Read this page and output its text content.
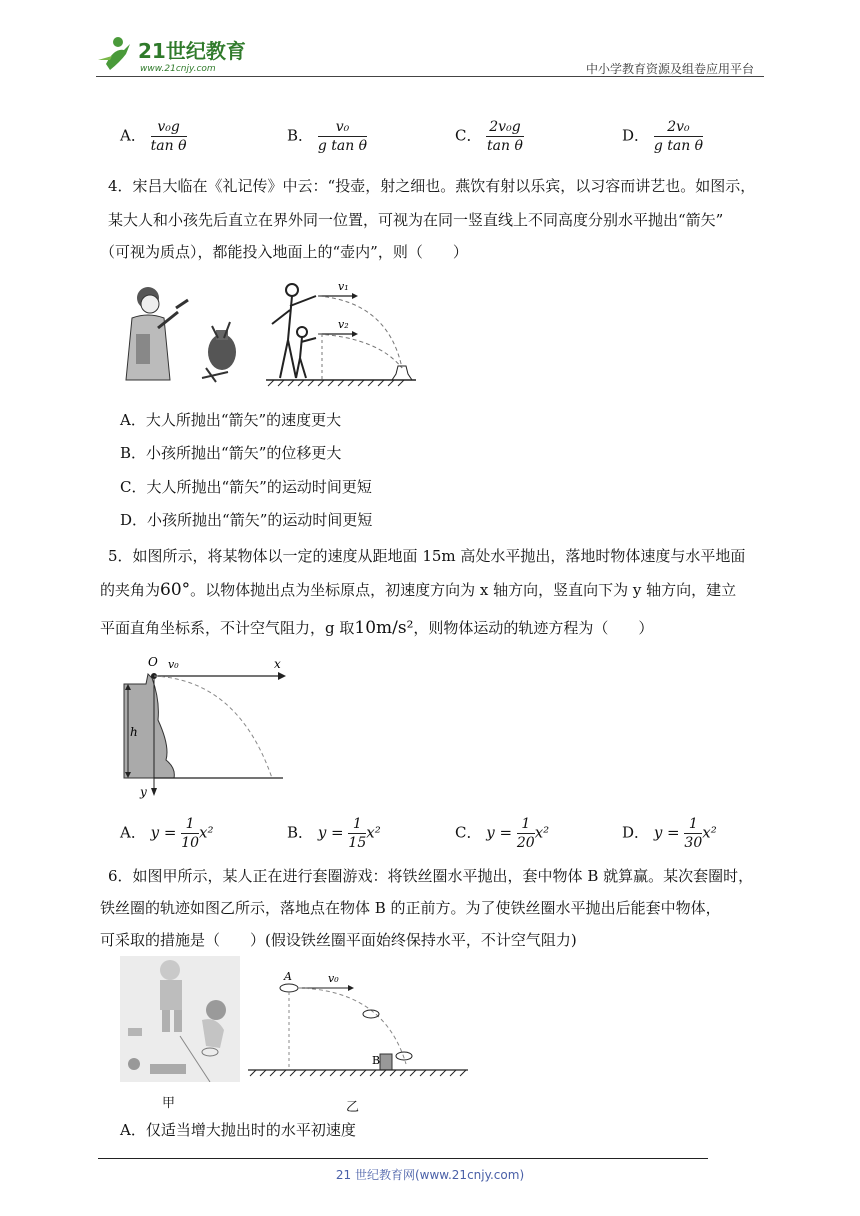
21世纪教育
www.21cnjy.com	中小学教育资源及组卷应用平台
A． $\frac{\text{v₀g}}{\text{tan θ}}$	B． $\frac{\text{v₀}}{\text{g tan θ}}$	C． $\frac{\text{2v₀g}}{\text{tan θ}}$	D． $\frac{\text{2v₀}}{\text{g tan θ}}$
4．宋吕大临在《礼记传》中云：“投壶，射之细也。燕饮有射以乐宾，以习容而讲艺也。如图示，
某大人和小孩先后直立在界外同一位置，可视为在同一竖直线上不同高度分别水平抛出“箭矢”
（可视为质点），都能投入地面上的“壶内”，则（　　）
v₁
v₂
A．大人所抛出“箭矢”的速度更大
B．小孩所抛出“箭矢”的位移更大
C．大人所抛出“箭矢”的运动时间更短
D．小孩所抛出“箭矢”的运动时间更短
5．如图所示，将某物体以一定的速度从距地面 15m 高处水平抛出，落地时物体速度与水平地面
的夹角为60°。以物体抛出点为坐标原点，初速度方向为 x 轴方向，竖直向下为 y 轴方向，建立
平面直角坐标系，不计空气阻力，g 取10m/s²，则物体运动的轨迹方程为（　　）
h
O v₀	x
y
A． $y = \frac{1}{10} x^2$	B． $y = \frac{1}{15} x^2$	C． $y = \frac{1}{20} x^2$	D． $y = \frac{1}{30} x^2$
6．如图甲所示，某人正在进行套圈游戏：将铁丝圈水平抛出，套中物体 B 就算赢。某次套圈时，
铁丝圈的轨迹如图乙所示，落地点在物体 B 的正前方。为了使铁丝圈水平抛出后能套中物体，
可采取的措施是（　　）(假设铁丝圈平面始终保持水平，不计空气阻力)
甲
A	v₀
B
乙
A．仅适当增大抛出时的水平初速度
21 世纪教育网(www.21cnjy.com)
